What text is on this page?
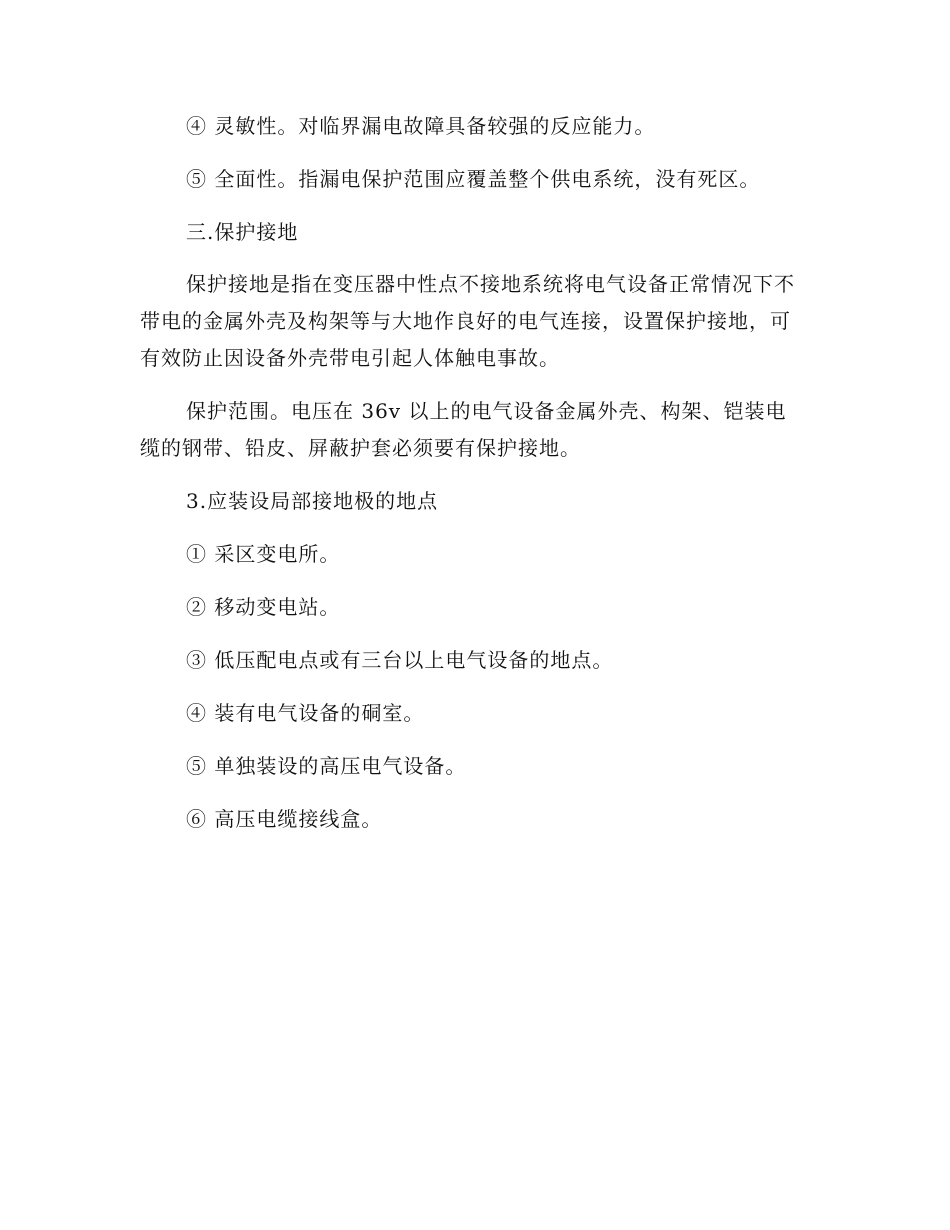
④ 灵敏性。对临界漏电故障具备较强的反应能力。

⑤ 全面性。指漏电保护范围应覆盖整个供电系统，没有死区。

三.保护接地

保护接地是指在变压器中性点不接地系统将电气设备正常情况下不带电的金属外壳及构架等与大地作良好的电气连接，设置保护接地，可有效防止因设备外壳带电引起人体触电事故。

保护范围。电压在 36v 以上的电气设备金属外壳、构架、铠装电缆的钢带、铅皮、屏蔽护套必须要有保护接地。

3.应装设局部接地极的地点

① 采区变电所。

② 移动变电站。

③ 低压配电点或有三台以上电气设备的地点。

④ 装有电气设备的硐室。

⑤ 单独装设的高压电气设备。

⑥ 高压电缆接线盒。
